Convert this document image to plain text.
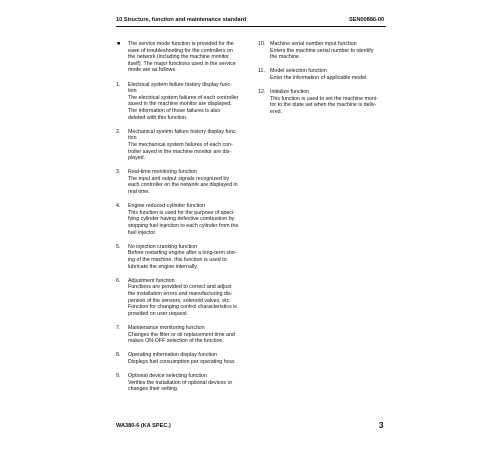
10 Structure, function and maintenance standard	SEN00886-00
■ The service mode function is provided for the
ease of troubleshooting for the controllers on
the network (including the machine monitor
itself). The major functions used in the service
mode are as follows.
1. Electrical system failure history display func-
tion
The electrical system failures of each controller
saved in the machine monitor are displayed.
The information of those failures is also
deleted with this function.
2. Mechanical system failure history display func-
tion
The mechanical system failures of each con-
troller saved in the machine monitor are dis-
played.
3. Real-time monitoring function
The input and output signals recognized by
each controller on the network are displayed in
real time.
4. Engine reduced-cylinder function
This function is used for the purpose of speci-
fying cylinder having defective combustion by
stopping fuel injection to each cylinder from the
fuel injector.
5. No injection cranking function
Before restarting engine after a long-term stor-
ing of the machine, this function is used to
lubricate the engine internally.
6. Adjustment function
Functions are provided to correct and adjust
the installation errors and manufacturing dis-
persion of the sensors, solenoid valves, etc.
Function for changing control characteristics is
provided on user request.
7. Maintenance monitoring function
Changes the filter or oil replacement time and
makes ON-OFF selection of the function.
8. Operating information display function
Displays fuel consumption per operating hour.
9. Optional device selecting function
Verifies the installation of optional devices or
changes their setting.
10. Machine serial number input function
Enters the machine serial number to identify
the machine.
11. Model selection function
Enter the information of applicable model.
12. Initialize function
This function is used to set the machine moni-
tor to the state set when the machine is deliv-
ered.
WA380-6 (KA SPEC.)	3
